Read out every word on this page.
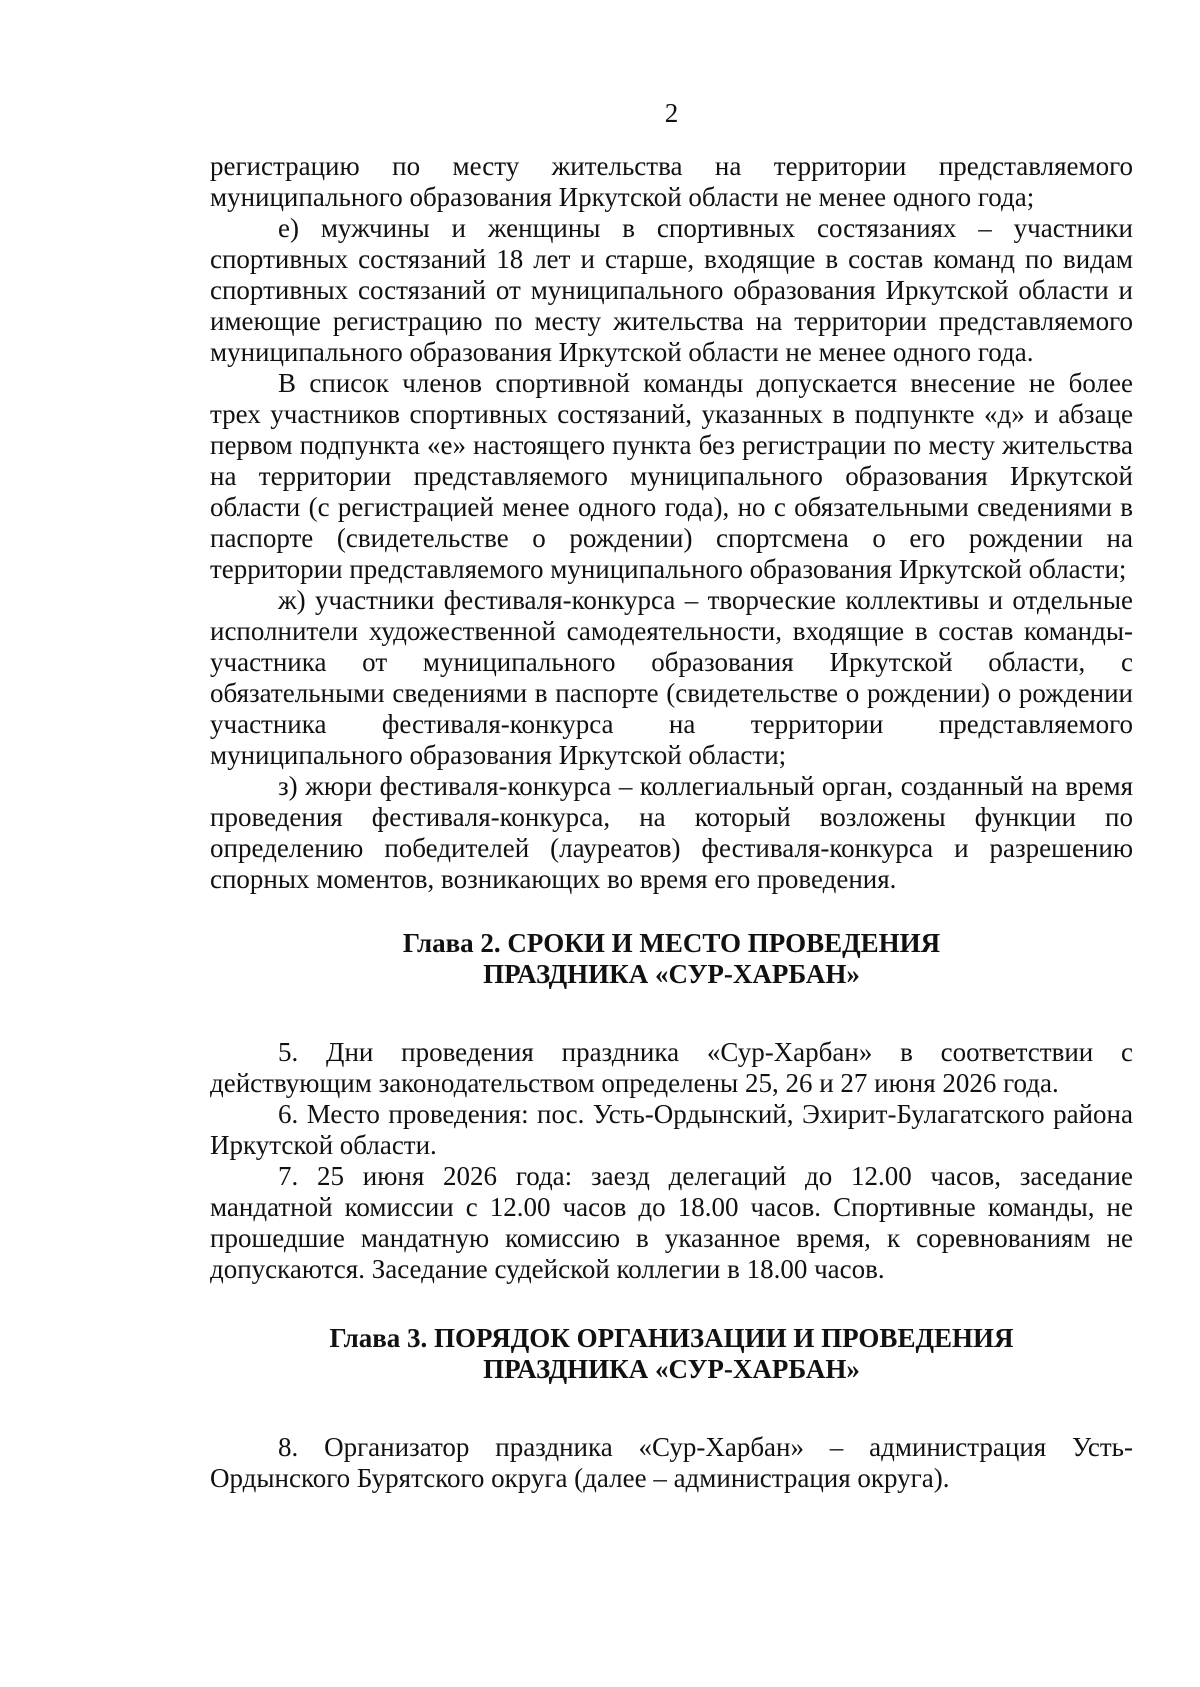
2

регистрацию по месту жительства на территории представляемого муниципального образования Иркутской области не менее одного года;

е) мужчины и женщины в спортивных состязаниях – участники спортивных состязаний 18 лет и старше, входящие в состав команд по видам спортивных состязаний от муниципального образования Иркутской области и имеющие регистрацию по месту жительства на территории представляемого муниципального образования Иркутской области не менее одного года.

В список членов спортивной команды допускается внесение не более трех участников спортивных состязаний, указанных в подпункте «д» и абзаце первом подпункта «е» настоящего пункта без регистрации по месту жительства на территории представляемого муниципального образования Иркутской области (с регистрацией менее одного года), но с обязательными сведениями в паспорте (свидетельстве о рождении) спортсмена о его рождении на территории представляемого муниципального образования Иркутской области;

ж) участники фестиваля-конкурса – творческие коллективы и отдельные исполнители художественной самодеятельности, входящие в состав команды-участника от муниципального образования Иркутской области, с обязательными сведениями в паспорте (свидетельстве о рождении) о рождении участника фестиваля-конкурса на территории представляемого муниципального образования Иркутской области;

з) жюри фестиваля-конкурса – коллегиальный орган, созданный на время проведения фестиваля-конкурса, на который возложены функции по определению победителей (лауреатов) фестиваля-конкурса и разрешению спорных моментов, возникающих во время его проведения.

Глава 2. СРОКИ И МЕСТО ПРОВЕДЕНИЯ
ПРАЗДНИКА «СУР-ХАРБАН»

5. Дни проведения праздника «Сур-Харбан» в соответствии с действующим законодательством определены 25, 26 и 27 июня 2026 года.

6. Место проведения: пос. Усть-Ордынский, Эхирит-Булагатского района Иркутской области.

7. 25 июня 2026 года: заезд делегаций до 12.00 часов, заседание мандатной комиссии с 12.00 часов до 18.00 часов. Спортивные команды, не прошедшие мандатную комиссию в указанное время, к соревнованиям не допускаются. Заседание судейской коллегии в 18.00 часов.

Глава 3. ПОРЯДОК ОРГАНИЗАЦИИ И ПРОВЕДЕНИЯ
ПРАЗДНИКА «СУР-ХАРБАН»

8. Организатор праздника «Сур-Харбан» – администрация Усть-Ордынского Бурятского округа (далее – администрация округа).
